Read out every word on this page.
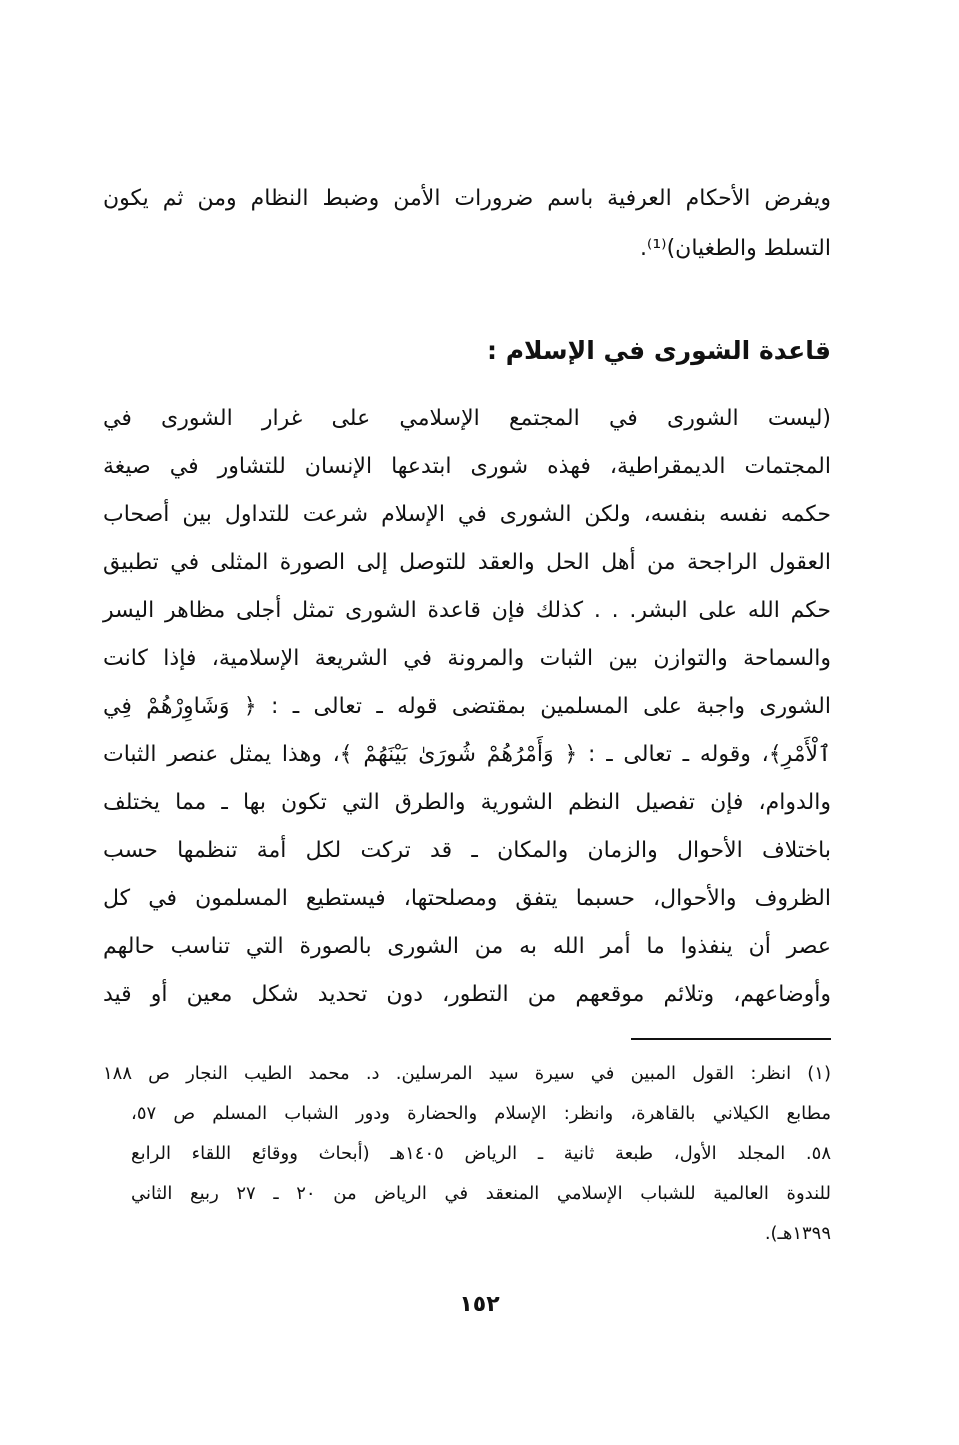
ويفرض الأحكام العرفية باسم ضرورات الأمن وضبط النظام ومن ثم يكون
التسلط والطغيان)⁽¹⁾.
قاعدة الشورى في الإسلام :
(ليست الشورى في المجتمع الإسلامي على غرار الشورى في
المجتمات الديمقراطية، فهذه شورى ابتدعها الإنسان للتشاور في صيغة
حكمه نفسه بنفسه، ولكن الشورى في الإسلام شرعت للتداول بين أصحاب
العقول الراجحة من أهل الحل والعقد للتوصل إلى الصورة المثلى في تطبيق
حكم الله على البشر. . . كذلك فإن قاعدة الشورى تمثل أجلى مظاهر اليسر
والسماحة والتوازن بين الثبات والمرونة في الشريعة الإسلامية، فإذا كانت
الشورى واجبة على المسلمين بمقتضى قوله ـ تعالى ـ : ﴿ وَشَاوِرْهُمْ فِي
ٱلْأَمْرِ﴾، وقوله ـ تعالى ـ : ﴿ وَأَمْرُهُمْ شُورَىٰ بَيْنَهُمْ ﴾، وهذا يمثل عنصر الثبات
والدوام، فإن تفصيل النظم الشورية والطرق التي تكون بها ـ مما يختلف
باختلاف الأحوال والزمان والمكان ـ قد تركت لكل أمة تنظمها حسب
الظروف والأحوال، حسبما يتفق ومصلحتها، فيستطيع المسلمون في كل
عصر أن ينفذوا ما أمر الله به من الشورى بالصورة التي تناسب حالهم
وأوضاعهم، وتلائم موقعهم من التطور، دون تحديد شكل معين أو قيد
(١) انظر: القول المبين في سيرة سيد المرسلين. د. محمد الطيب النجار ص ١٨٨
مطابع الكيلاني بالقاهرة، وانظر: الإسلام والحضارة ودور الشباب المسلم ص ٥٧،
٥٨. المجلد الأول، طبعة ثانية ـ الرياض ١٤٠٥هـ (أبحاث ووقائع اللقاء الرابع
للندوة العالمية للشباب الإسلامي المنعقد في الرياض من ٢٠ ـ ٢٧ ربيع الثاني
١٣٩٩هـ).
١٥٢
